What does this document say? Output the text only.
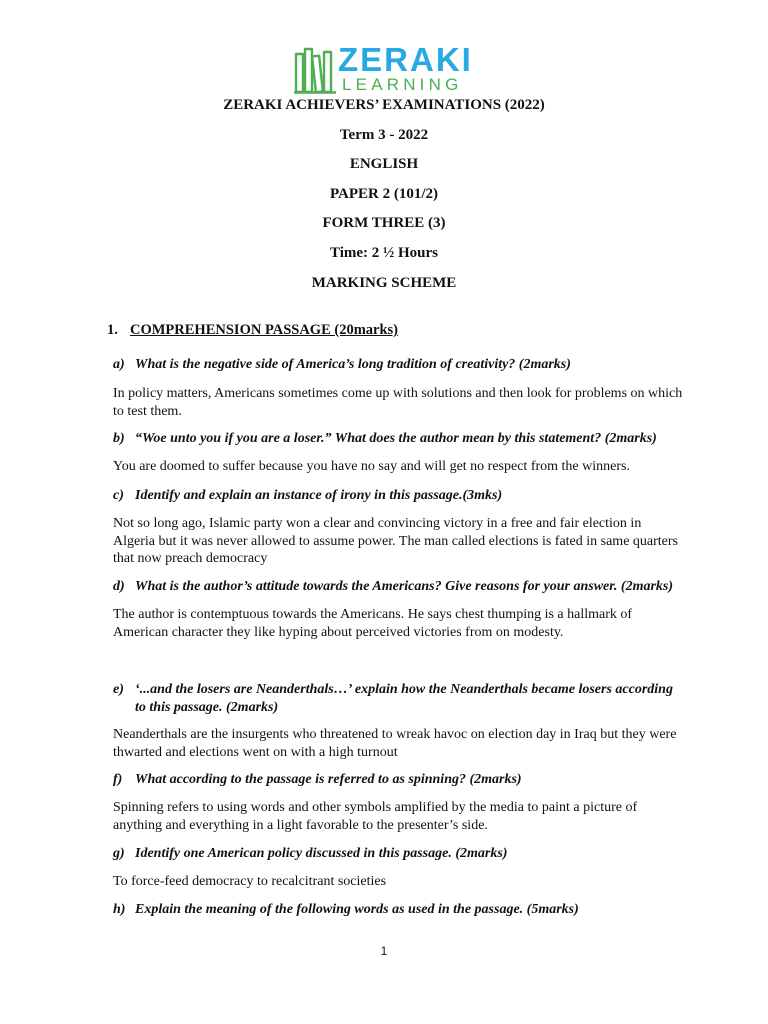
ZERAKI
LEARNING
ZERAKI ACHIEVERS’ EXAMINATIONS (2022)
Term 3 - 2022
ENGLISH
PAPER 2 (101/2)
FORM THREE (3)
Time: 2 ½ Hours
MARKING SCHEME
1. COMPREHENSION PASSAGE (20marks)
a) What is the negative side of America’s long tradition of creativity? (2marks)
In policy matters, Americans sometimes come up with solutions and then look for problems on which to test them.
b) “Woe unto you if you are a loser.” What does the author mean by this statement? (2marks)
You are doomed to suffer because you have no say and will get no respect from the winners.
c) Identify and explain an instance of irony in this passage.(3mks)
Not so long ago, Islamic party won a clear and convincing victory in a free and fair election in Algeria but it was never allowed to assume power. The man called elections is fated in same quarters that now preach democracy
d) What is the author’s attitude towards the Americans? Give reasons for your answer. (2marks)
The author is contemptuous towards the Americans. He says chest thumping is a hallmark of American character they like hyping about perceived victories from on modesty.
e) ‘...and the losers are Neanderthals…’ explain how the Neanderthals became losers according
to this passage. (2marks)
Neanderthals are the insurgents who threatened to wreak havoc on election day in Iraq but they were thwarted and elections went on with a high turnout
f) What according to the passage is referred to as spinning? (2marks)
Spinning refers to using words and other symbols amplified by the media to paint a picture of anything and everything in a light favorable to the presenter’s side.
g) Identify one American policy discussed in this passage. (2marks)
To force-feed democracy to recalcitrant societies
h) Explain the meaning of the following words as used in the passage. (5marks)
1
